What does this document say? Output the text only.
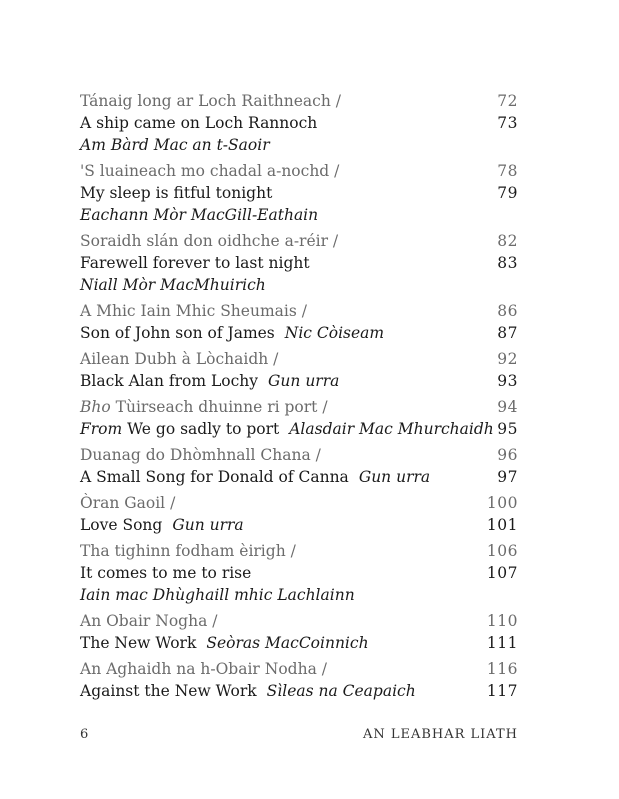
Tánaig long ar Loch Raithneach /	72
A ship came on Loch Rannoch	73
Am Bàrd Mac an t-Saoir
'S luaineach mo chadal a-nochd /	78
My sleep is fitful tonight	79
Eachann Mòr MacGill-Eathain
Soraidh slán don oidhche a-réir /	82
Farewell forever to last night	83
Niall Mòr MacMhuirich
A Mhic Iain Mhic Sheumais /	86
Son of John son of James Nic Còiseam	87
Ailean Dubh à Lòchaidh /	92
Black Alan from Lochy Gun urra	93
Bho Tùirseach dhuinne ri port /	94
From We go sadly to port Alasdair Mac Mhurchaidh 95
Duanag do Dhòmhnall Chana /	96
A Small Song for Donald of Canna Gun urra	97
Òran Gaoil /	100
Love Song Gun urra	101
Tha tighinn fodham èirigh /	106
It comes to me to rise	107
Iain mac Dhùghaill mhic Lachlainn
An Obair Nogha /	110
The New Work Seòras MacCoinnich	111
An Aghaidh na h-Obair Nodha /	116
Against the New Work Sìleas na Ceapaich	117
6	AN LEABHAR LIATH
